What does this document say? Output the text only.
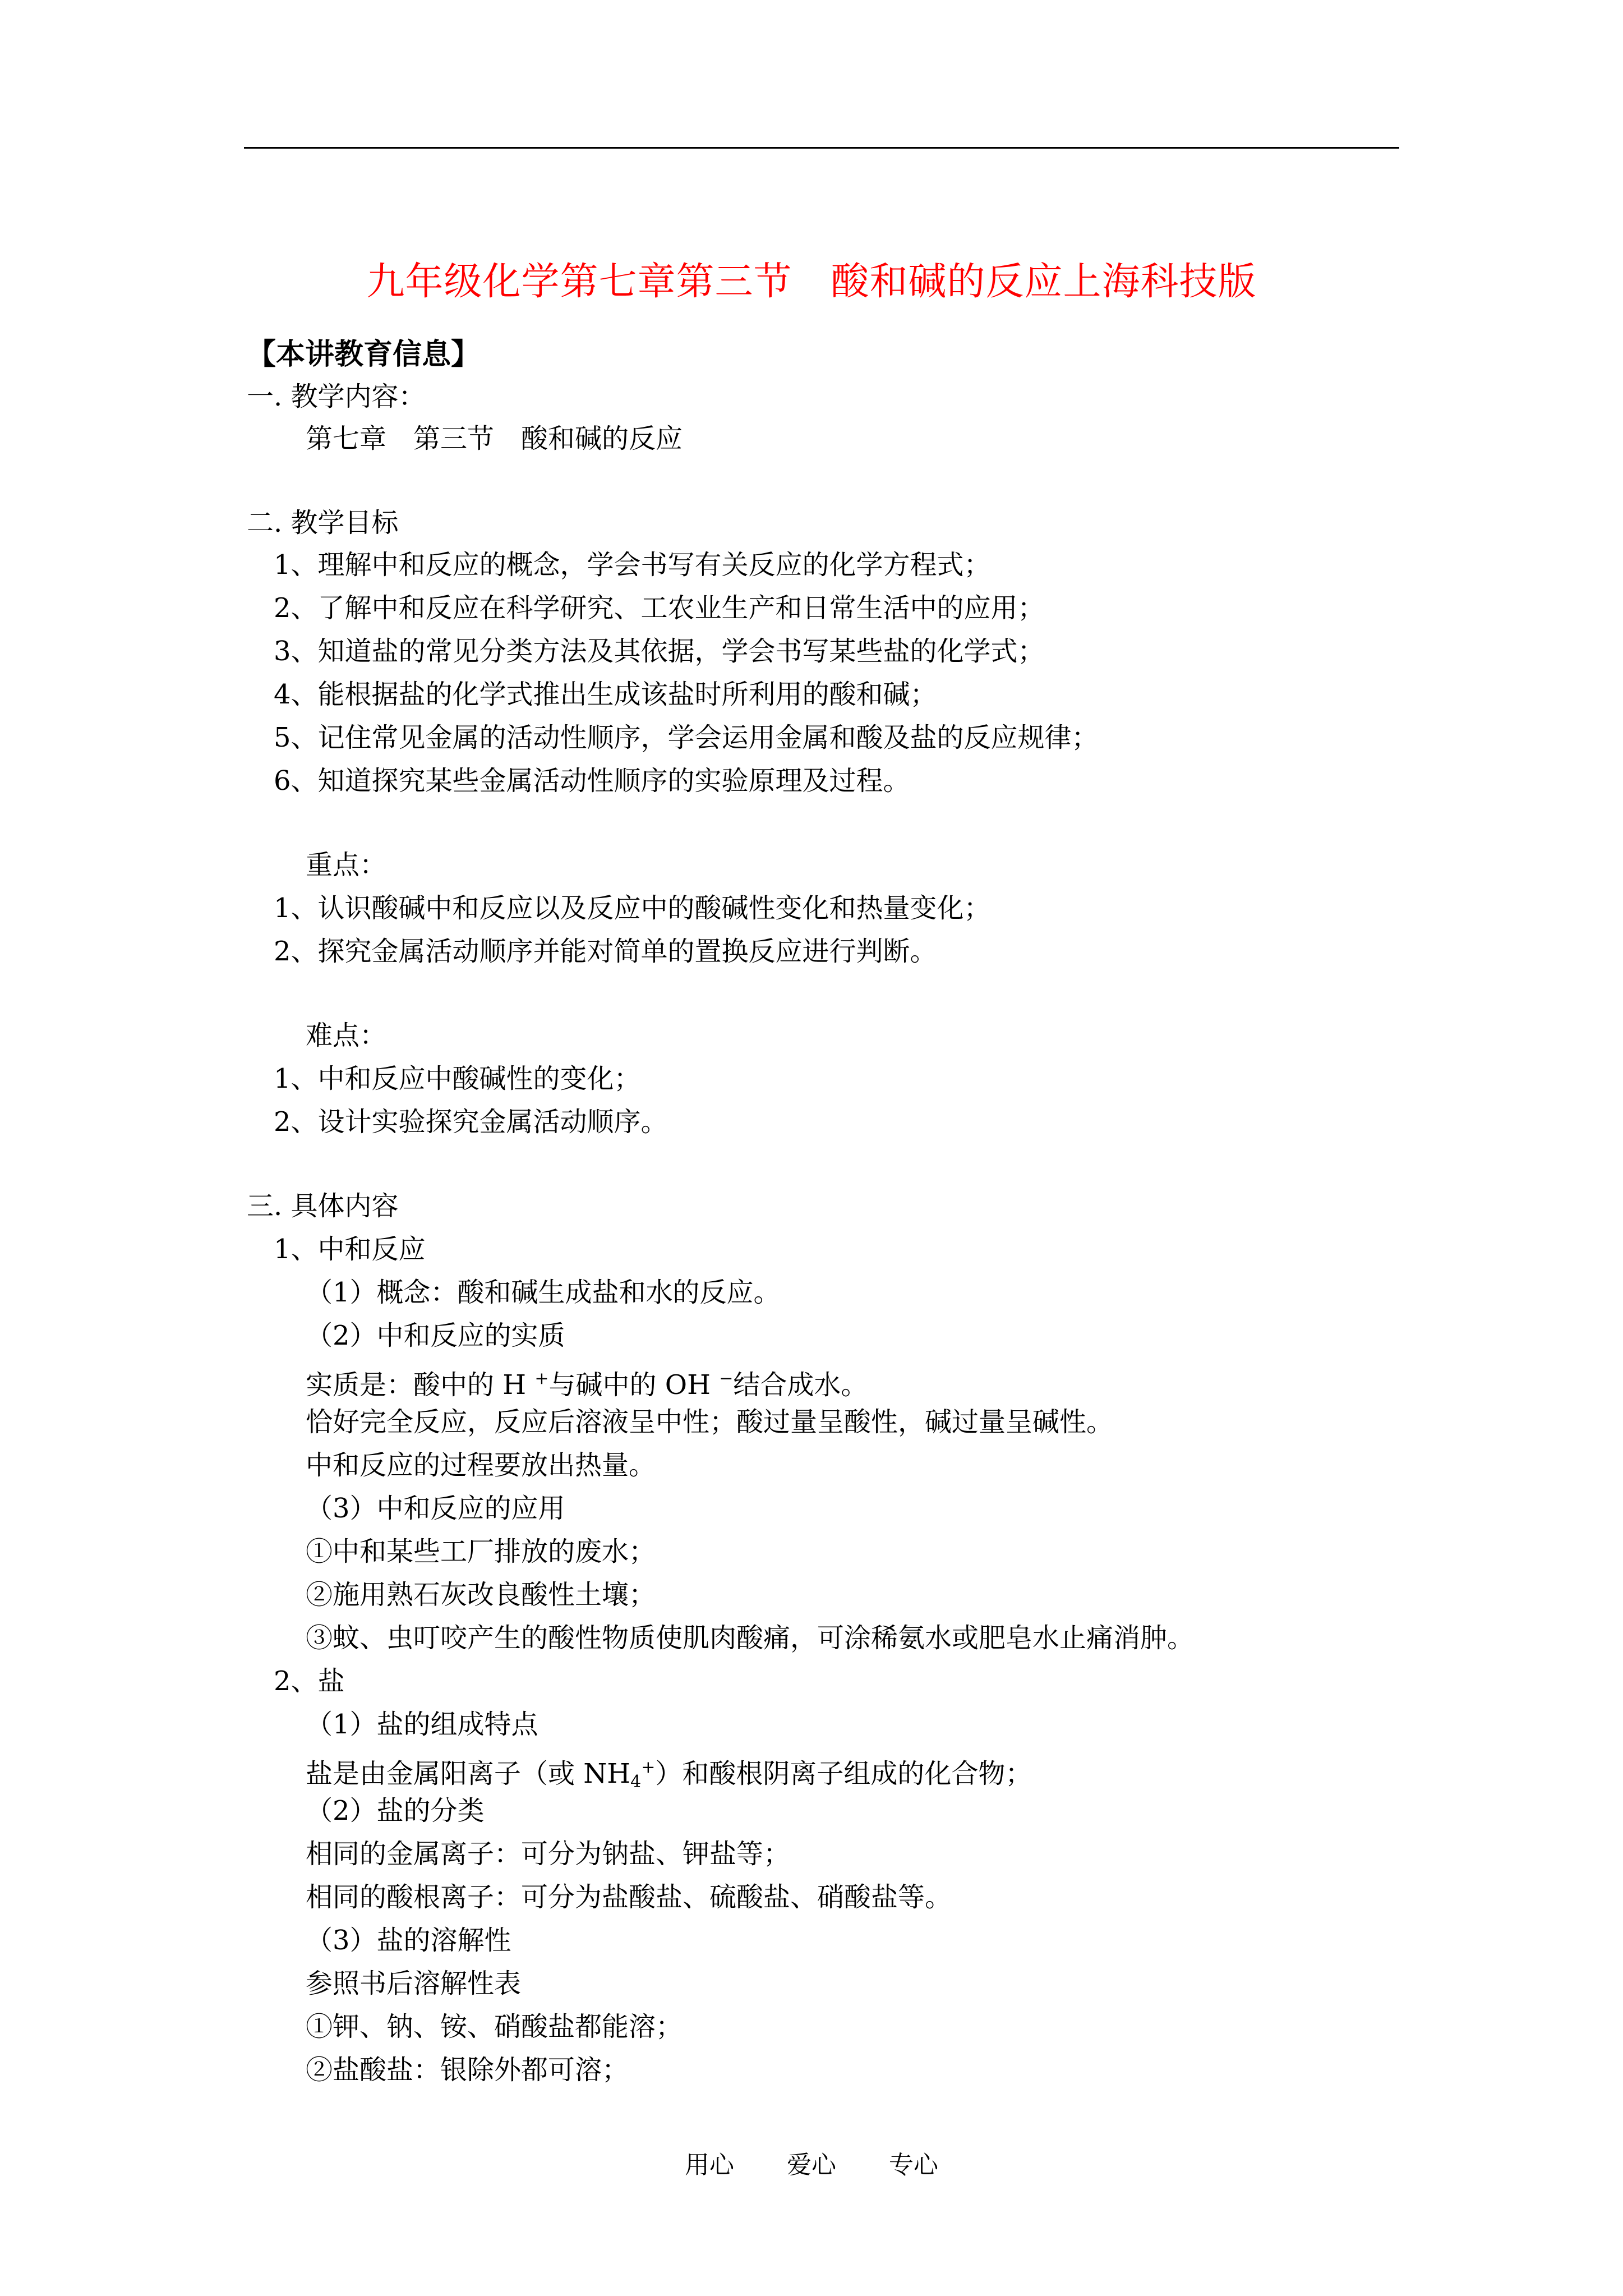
九年级化学第七章第三节　酸和碱的反应上海科技版
【本讲教育信息】
一. 教学内容：
第七章　第三节　酸和碱的反应
二. 教学目标
1、理解中和反应的概念，学会书写有关反应的化学方程式；
2、了解中和反应在科学研究、工农业生产和日常生活中的应用；
3、知道盐的常见分类方法及其依据，学会书写某些盐的化学式；
4、能根据盐的化学式推出生成该盐时所利用的酸和碱；
5、记住常见金属的活动性顺序，学会运用金属和酸及盐的反应规律；
6、知道探究某些金属活动性顺序的实验原理及过程。
重点：
1、认识酸碱中和反应以及反应中的酸碱性变化和热量变化；
2、探究金属活动顺序并能对简单的置换反应进行判断。
难点：
1、中和反应中酸碱性的变化；
2、设计实验探究金属活动顺序。
三. 具体内容
1、中和反应
（1）概念：酸和碱生成盐和水的反应。
（2）中和反应的实质
实质是：酸中的 H +与碱中的 OH −结合成水。
恰好完全反应，反应后溶液呈中性；酸过量呈酸性，碱过量呈碱性。
中和反应的过程要放出热量。
（3）中和反应的应用
①中和某些工厂排放的废水；
②施用熟石灰改良酸性土壤；
③蚊、虫叮咬产生的酸性物质使肌肉酸痛，可涂稀氨水或肥皂水止痛消肿。
2、盐
（1）盐的组成特点
盐是由金属阳离子（或 $NH_4^+$）和酸根阴离子组成的化合物；
（2）盐的分类
相同的金属离子：可分为钠盐、钾盐等；
相同的酸根离子：可分为盐酸盐、硫酸盐、硝酸盐等。
（3）盐的溶解性
参照书后溶解性表
①钾、钠、铵、硝酸盐都能溶；
②盐酸盐：银除外都可溶；
用心 爱心 专心
